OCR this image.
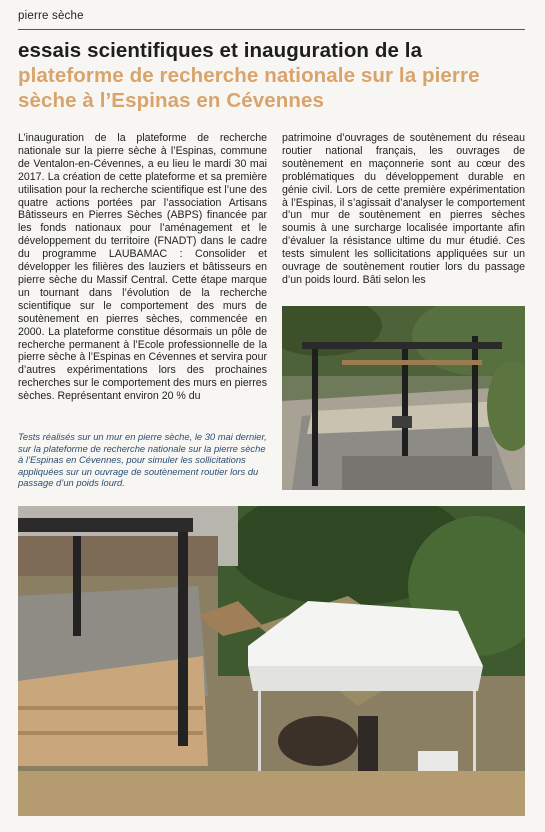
pierre sèche
essais scientifiques et inauguration de la plateforme de recherche nationale sur la pierre sèche à l’Espinas en Cévennes

L’inauguration de la plateforme de recherche nationale sur la pierre sèche à l’Espinas, commune de Ventalon-en-Cévennes, a eu lieu le mardi 30 mai 2017. La création de cette plateforme et sa première utilisation pour la recherche scientifique est l’une des quatre actions portées par l’association Artisans Bâtisseurs en Pierres Sèches (ABPS) financée par les fonds nationaux pour l’aménagement et le développement du territoire (FNADT) dans le cadre du programme LAUBAMAC : Consolider et développer les filières des lauziers et bâtisseurs en pierre sèche du Massif Central. Cette étape marque un tournant dans l’évolution de la recherche scientifique sur le comportement des murs de soutènement en pierres sèches, commencée en 2000. La plateforme constitue désormais un pôle de recherche permanent à l’Ecole professionnelle de la pierre sèche à l’Espinas en Cévennes et servira pour d’autres expérimentations lors des prochaines recherches sur le comportement des murs en pierres sèches. Représentant environ 20 % du

patrimoine d’ouvrages de soutènement du réseau routier national français, les ouvrages de soutènement en maçonnerie sont au cœur des problématiques du développement durable en génie civil. Lors de cette première expérimentation à l’Espinas, il s’agissait d’analyser le comportement d’un mur de soutènement en pierres sèches soumis à une surcharge localisée importante afin d’évaluer la résistance ultime du mur étudié. Ces tests simulent les sollicitations appliquées sur un ouvrage de soutènement routier lors du passage d’un poids lourd. Bâti selon les

Tests réalisés sur un mur en pierre sèche, le 30 mai dernier, sur la plateforme de recherche nationale sur la pierre sèche à l’Espinas en Cévennes, pour simuler les sollicitations appliquées sur un ouvrage de soutènement routier lors du passage d’un poids lourd.
